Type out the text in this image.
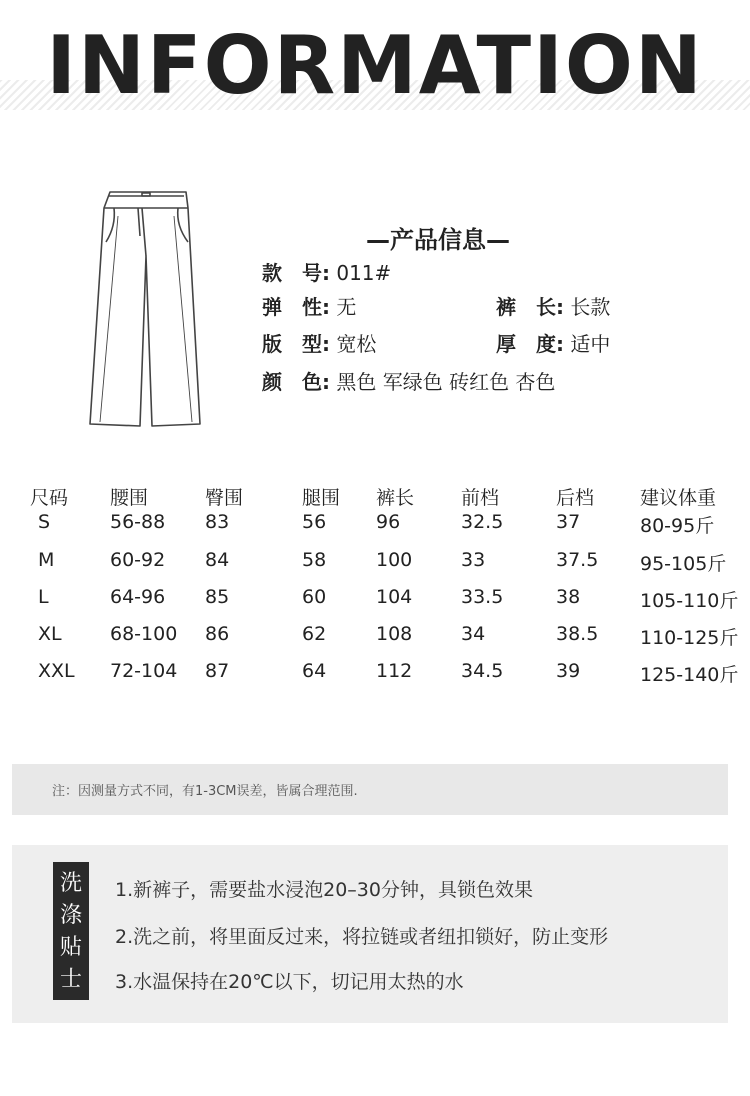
INFORMATION
—产品信息—
款　号: 011#
弹　性: 无	裤　长: 长款
版　型: 宽松	厚　度: 适中
颜　色: 黑色 军绿色 砖红色 杏色
尺码 腰围	臀围	腿围 裤长 前档	后档 建议体重
S	56-88 83	56	96	32.5	37	80-95斤
M	60-92 84	58	100	33	37.5 95-105斤
L	64-96 85	60	104	33.5	38	105-110斤
XL	68-100 86	62	108	34	38.5 110-125斤
XXL 72-104 87	64	112	34.5	39	125-140斤
注：因测量方式不同，有1-3CM误差，皆属合理范围.
洗
涤
贴
士
1.新裤子，需要盐水浸泡20–30分钟，具锁色效果
2.洗之前，将里面反过来，将拉链或者纽扣锁好，防止变形
3.水温保持在20℃以下，切记用太热的水
